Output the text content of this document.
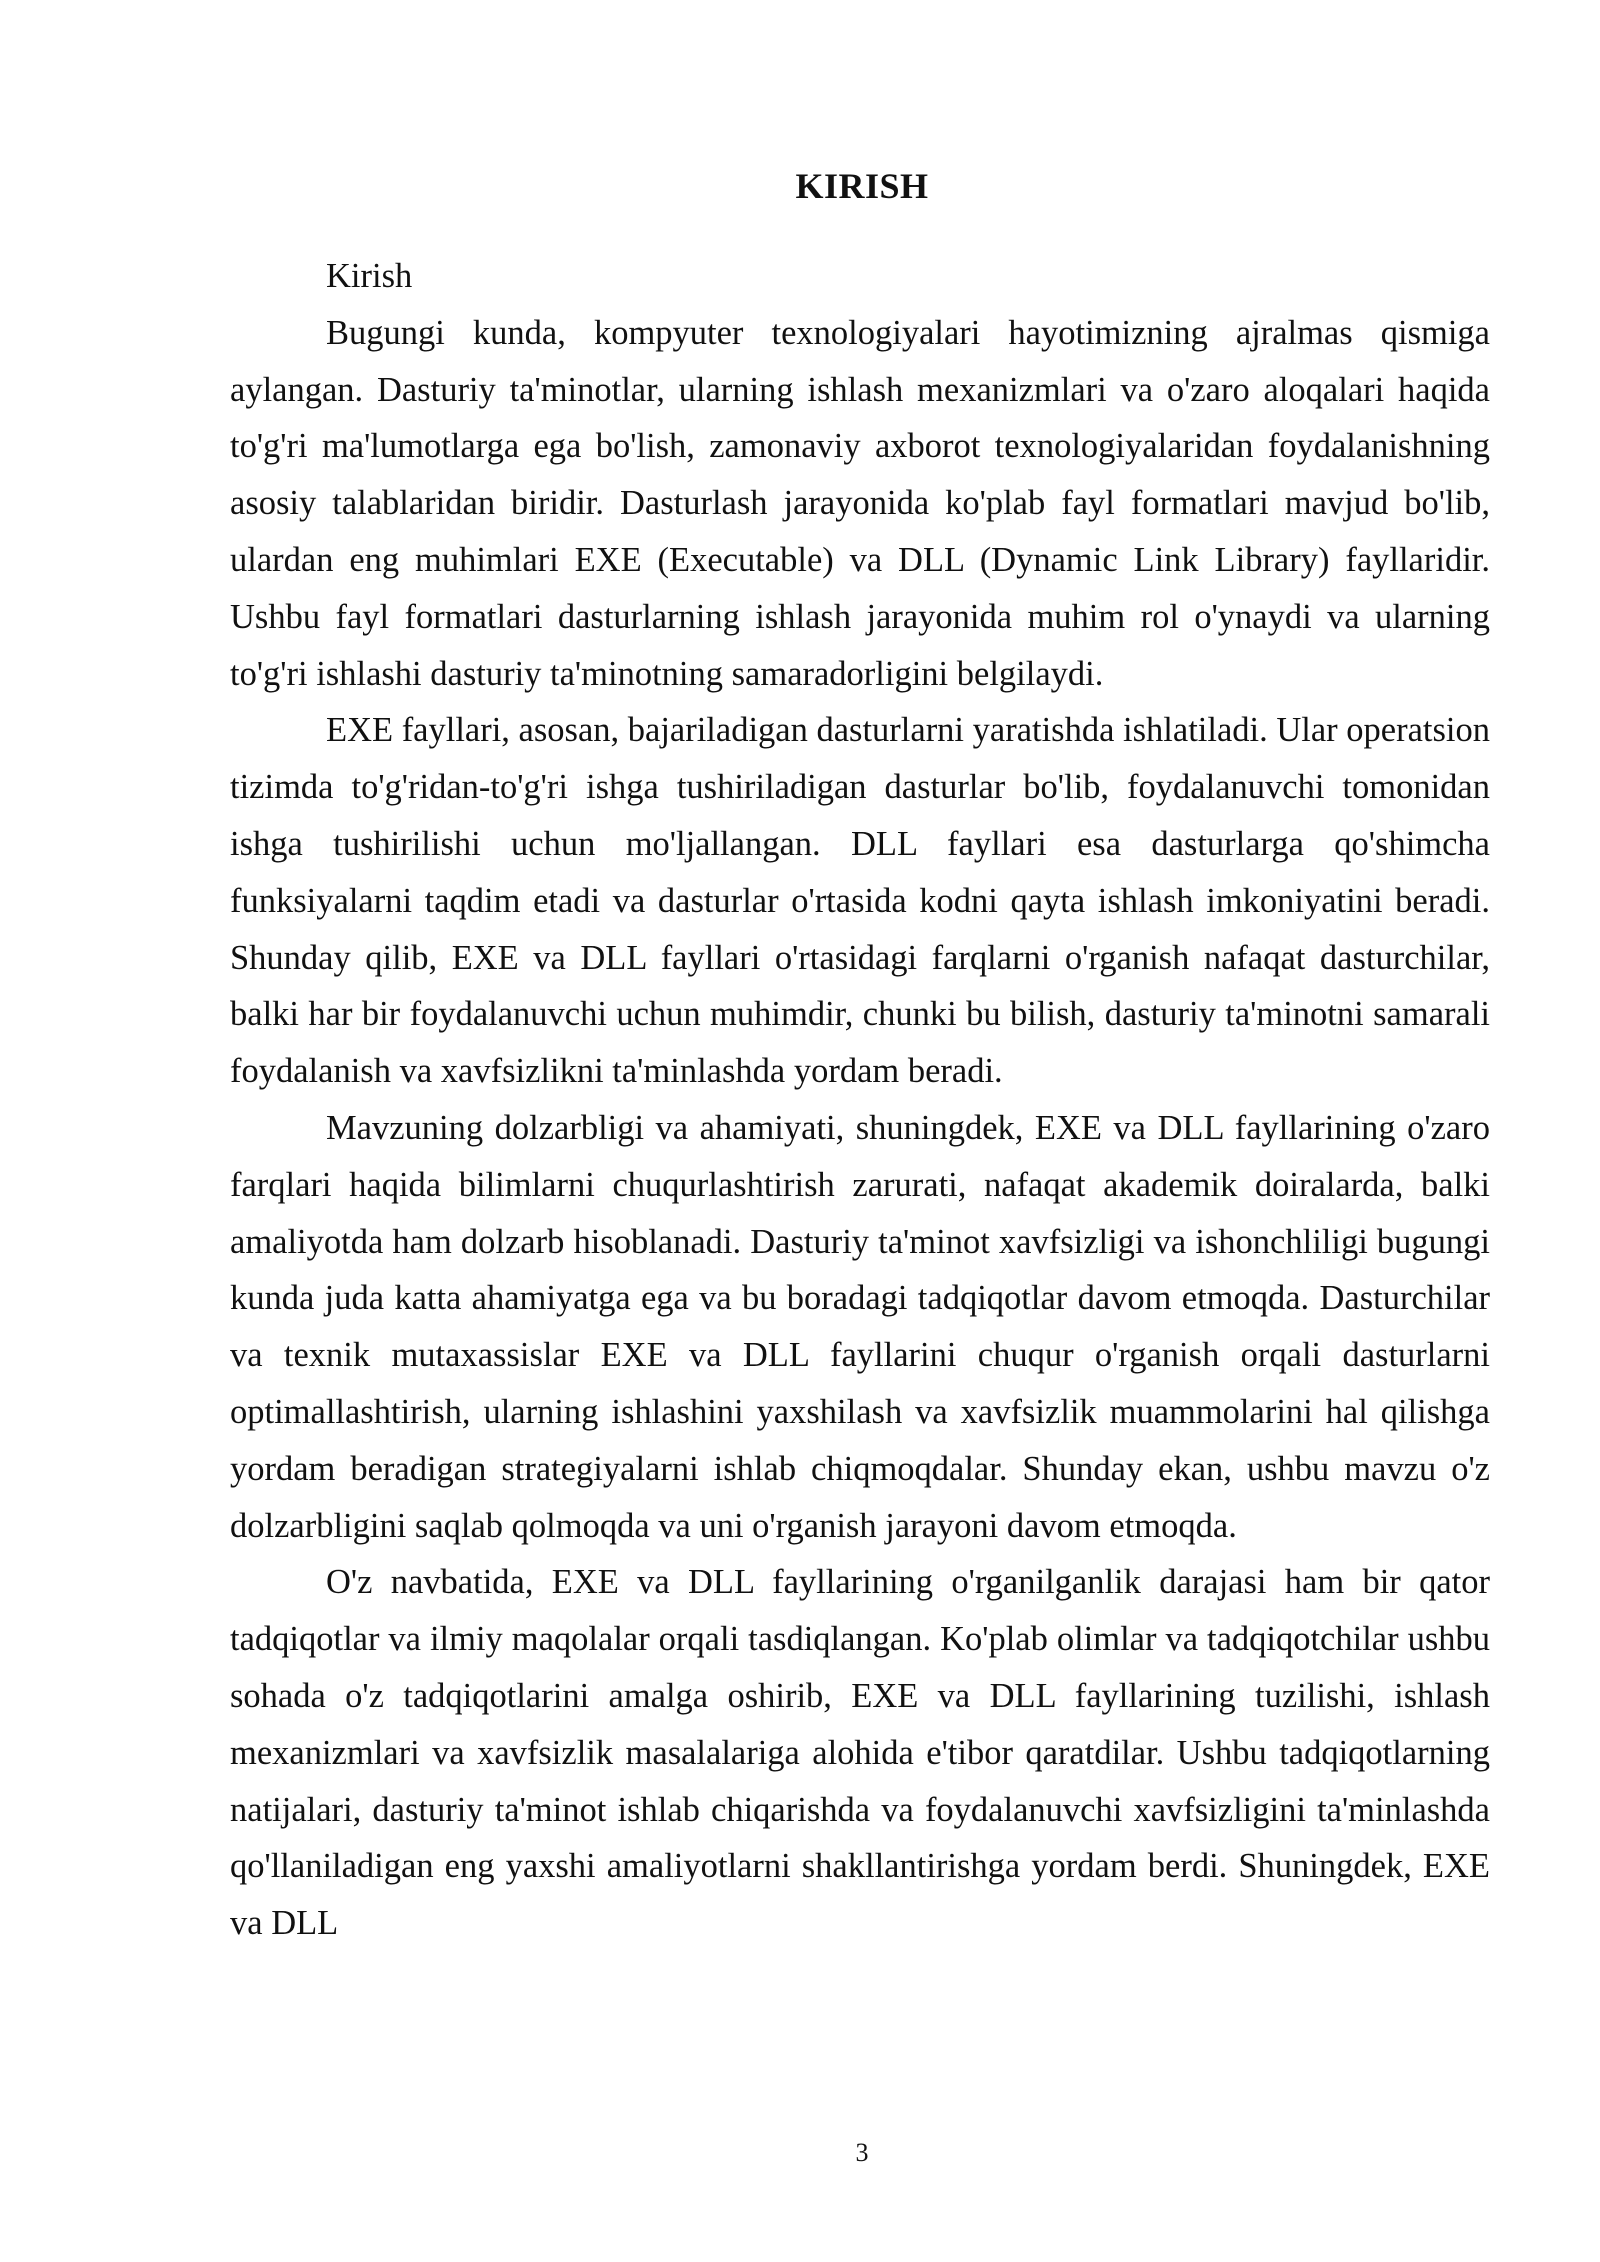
KIRISH

Kirish

Bugungi kunda, kompyuter texnologiyalari hayotimizning ajralmas qismiga aylangan. Dasturiy ta'minotlar, ularning ishlash mexanizmlari va o'zaro aloqalari haqida to'g'ri ma'lumotlarga ega bo'lish, zamonaviy axborot texnologiyalaridan foydalanishning asosiy talablaridan biridir. Dasturlash jarayonida ko'plab fayl formatlari mavjud bo'lib, ulardan eng muhimlari EXE (Executable) va DLL (Dynamic Link Library) fayllaridir. Ushbu fayl formatlari dasturlarning ishlash jarayonida muhim rol o'ynaydi va ularning to'g'ri ishlashi dasturiy ta'minotning samaradorligini belgilaydi.

EXE fayllari, asosan, bajariladigan dasturlarni yaratishda ishlatiladi. Ular operatsion tizimda to'g'ridan-to'g'ri ishga tushiriladigan dasturlar bo'lib, foydalanuvchi tomonidan ishga tushirilishi uchun mo'ljallangan. DLL fayllari esa dasturlarga qo'shimcha funksiyalarni taqdim etadi va dasturlar o'rtasida kodni qayta ishlash imkoniyatini beradi. Shunday qilib, EXE va DLL fayllari o'rtasidagi farqlarni o'rganish nafaqat dasturchilar, balki har bir foydalanuvchi uchun muhimdir, chunki bu bilish, dasturiy ta'minotni samarali foydalanish va xavfsizlikni ta'minlashda yordam beradi.

Mavzuning dolzarbligi va ahamiyati, shuningdek, EXE va DLL fayllarining o'zaro farqlari haqida bilimlarni chuqurlashtirish zarurati, nafaqat akademik doiralarda, balki amaliyotda ham dolzarb hisoblanadi. Dasturiy ta'minot xavfsizligi va ishonchliligi bugungi kunda juda katta ahamiyatga ega va bu boradagi tadqiqotlar davom etmoqda. Dasturchilar va texnik mutaxassislar EXE va DLL fayllarini chuqur o'rganish orqali dasturlarni optimallashtirish, ularning ishlashini yaxshilash va xavfsizlik muammolarini hal qilishga yordam beradigan strategiyalarni ishlab chiqmoqdalar. Shunday ekan, ushbu mavzu o'z dolzarbligini saqlab qolmoqda va uni o'rganish jarayoni davom etmoqda.

O'z navbatida, EXE va DLL fayllarining o'rganilganlik darajasi ham bir qator tadqiqotlar va ilmiy maqolalar orqali tasdiqlangan. Ko'plab olimlar va tadqiqotchilar ushbu sohada o'z tadqiqotlarini amalga oshirib, EXE va DLL fayllarining tuzilishi, ishlash mexanizmlari va xavfsizlik masalalariga alohida e'tibor qaratdilar. Ushbu tadqiqotlarning natijalari, dasturiy ta'minot ishlab chiqarishda va foydalanuvchi xavfsizligini ta'minlashda qo'llaniladigan eng yaxshi amaliyotlarni shakllantirishga yordam berdi. Shuningdek, EXE va DLL

3
